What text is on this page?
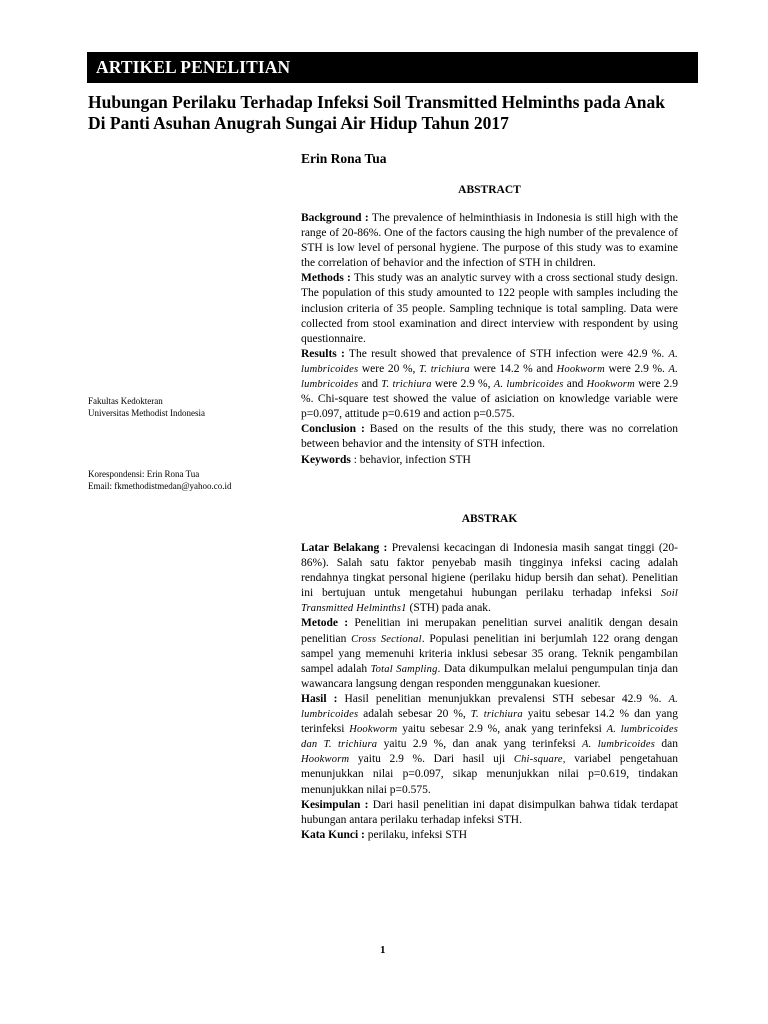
ARTIKEL PENELITIAN
Hubungan Perilaku Terhadap Infeksi Soil Transmitted Helminths pada Anak
Di Panti Asuhan Anugrah Sungai Air Hidup Tahun 2017
Erin Rona Tua
Fakultas Kedokteran
Universitas Methodist Indonesia
Korespondensi: Erin Rona Tua
Email: fkmethodistmedan@yahoo.co.id
ABSTRACT

Background : The prevalence of helminthiasis in Indonesia is still high with the range of 20-86%. One of the factors causing the high number of the prevalence of STH is low level of personal hygiene. The purpose of this study was to examine the correlation of behavior and the infection of STH in children.

Methods : This study was an analytic survey with a cross sectional study design. The population of this study amounted to 122 people with samples including the inclusion criteria of 35 people. Sampling technique is total sampling. Data were collected from stool examination and direct interview with respondent by using questionnaire.

Results : The result showed that prevalence of STH infection were 42.9 %. A. lumbricoides were 20 %, T. trichiura were 14.2 % and Hookworm were 2.9 %. A. lumbricoides and T. trichiura were 2.9 %, A. lumbricoides and Hookworm were 2.9 %. Chi-square test showed the value of asiciation on knowledge variable were p=0.097, attitude p=0.619 and action p=0.575.

Conclusion : Based on the results of the this study, there was no correlation between behavior and the intensity of STH infection.

Keywords : behavior, infection STH

ABSTRAK

Latar Belakang : Prevalensi kecacingan di Indonesia masih sangat tinggi (20-86%). Salah satu faktor penyebab masih tingginya infeksi cacing adalah rendahnya tingkat personal higiene (perilaku hidup bersih dan sehat). Penelitian ini bertujuan untuk mengetahui hubungan perilaku terhadap infeksi Soil Transmitted Helminths1 (STH) pada anak.

Metode : Penelitian ini merupakan penelitian survei analitik dengan desain penelitian Cross Sectional. Populasi penelitian ini berjumlah 122 orang dengan sampel yang memenuhi kriteria inklusi sebesar 35 orang. Teknik pengambilan sampel adalah Total Sampling. Data dikumpulkan melalui pengumpulan tinja dan wawancara langsung dengan responden menggunakan kuesioner.

Hasil : Hasil penelitian menunjukkan prevalensi STH sebesar 42.9 %. A. lumbricoides adalah sebesar 20 %, T. trichiura yaitu sebesar 14.2 % dan yang terinfeksi Hookworm yaitu sebesar 2.9 %, anak yang terinfeksi A. lumbricoides dan T. trichiura yaitu 2.9 %, dan anak yang terinfeksi A. lumbricoides dan Hookworm yaitu 2.9 %. Dari hasil uji Chi-square, variabel pengetahuan menunjukkan nilai p=0.097, sikap menunjukkan nilai p=0.619, tindakan menunjukkan nilai p=0.575.

Kesimpulan : Dari hasil penelitian ini dapat disimpulkan bahwa tidak terdapat hubungan antara perilaku terhadap infeksi STH.

Kata Kunci : perilaku, infeksi STH

1
